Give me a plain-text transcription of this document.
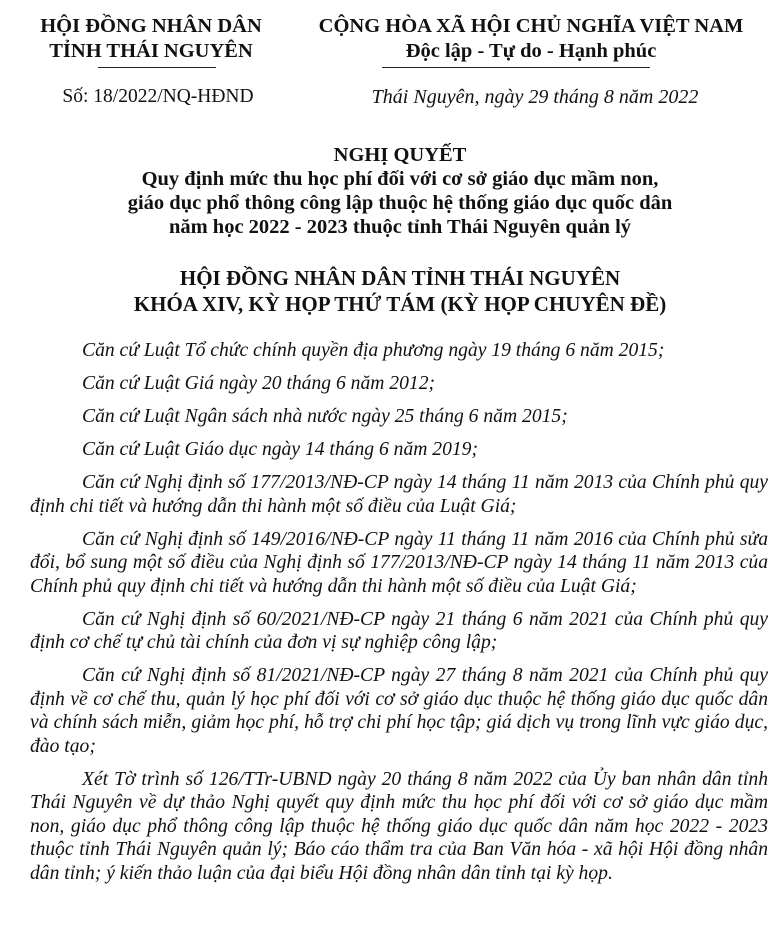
HỘI ĐỒNG NHÂN DÂN
TỈNH THÁI NGUYÊN
CỘNG HÒA XÃ HỘI CHỦ NGHĨA VIỆT NAM
Độc lập - Tự do - Hạnh phúc
Số: 18/2022/NQ-HĐND	Thái Nguyên, ngày 29 tháng 8 năm 2022
NGHỊ QUYẾT
Quy định mức thu học phí đối với cơ sở giáo dục mầm non,
giáo dục phổ thông công lập thuộc hệ thống giáo dục quốc dân
năm học 2022 - 2023 thuộc tỉnh Thái Nguyên quản lý
HỘI ĐỒNG NHÂN DÂN TỈNH THÁI NGUYÊN
KHÓA XIV, KỲ HỌP THỨ TÁM (KỲ HỌP CHUYÊN ĐỀ)

Căn cứ Luật Tổ chức chính quyền địa phương ngày 19 tháng 6 năm 2015;

Căn cứ Luật Giá ngày 20 tháng 6 năm 2012;

Căn cứ Luật Ngân sách nhà nước ngày 25 tháng 6 năm 2015;

Căn cứ Luật Giáo dục ngày 14 tháng 6 năm 2019;

Căn cứ Nghị định số 177/2013/NĐ-CP ngày 14 tháng 11 năm 2013 của Chính phủ quy định chi tiết và hướng dẫn thi hành một số điều của Luật Giá;

Căn cứ Nghị định số 149/2016/NĐ-CP ngày 11 tháng 11 năm 2016 của Chính phủ sửa đổi, bổ sung một số điều của Nghị định số 177/2013/NĐ-CP ngày 14 tháng 11 năm 2013 của Chính phủ quy định chi tiết và hướng dẫn thi hành một số điều của Luật Giá;

Căn cứ Nghị định số 60/2021/NĐ-CP ngày 21 tháng 6 năm 2021 của Chính phủ quy định cơ chế tự chủ tài chính của đơn vị sự nghiệp công lập;

Căn cứ Nghị định số 81/2021/NĐ-CP ngày 27 tháng 8 năm 2021 của Chính phủ quy định về cơ chế thu, quản lý học phí đối với cơ sở giáo dục thuộc hệ thống giáo dục quốc dân và chính sách miễn, giảm học phí, hỗ trợ chi phí học tập; giá dịch vụ trong lĩnh vực giáo dục, đào tạo;

Xét Tờ trình số 126/TTr-UBND ngày 20 tháng 8 năm 2022 của Ủy ban nhân dân tỉnh Thái Nguyên về dự thảo Nghị quyết quy định mức thu học phí đối với cơ sở giáo dục mầm non, giáo dục phổ thông công lập thuộc hệ thống giáo dục quốc dân năm học 2022 - 2023 thuộc tỉnh Thái Nguyên quản lý; Báo cáo thẩm tra của Ban Văn hóa - xã hội Hội đồng nhân dân tỉnh; ý kiến thảo luận của đại biểu Hội đồng nhân dân tỉnh tại kỳ họp.
